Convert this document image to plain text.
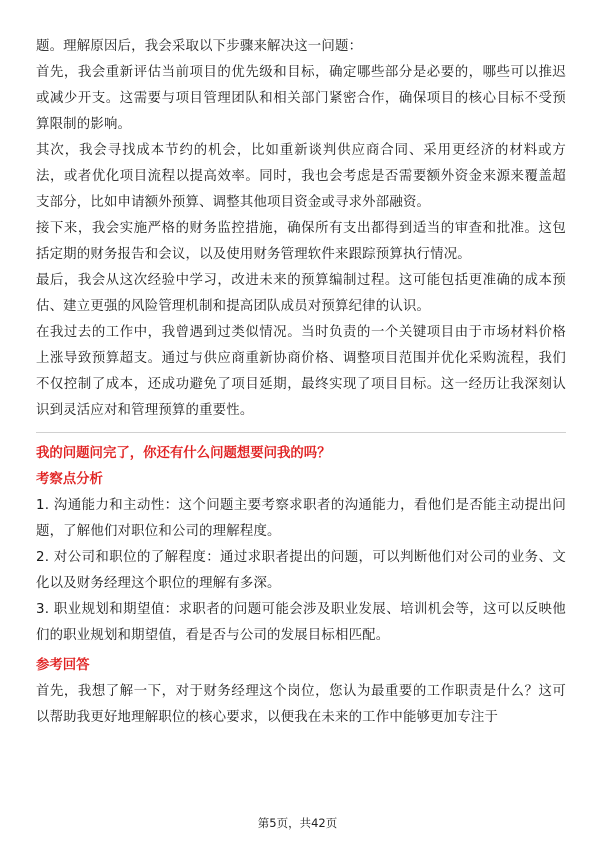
题。理解原因后，我会采取以下步骤来解决这一问题：

首先，我会重新评估当前项目的优先级和目标，确定哪些部分是必要的，哪些可以推迟或减少开支。这需要与项目管理团队和相关部门紧密合作，确保项目的核心目标不受预算限制的影响。

其次，我会寻找成本节约的机会，比如重新谈判供应商合同、采用更经济的材料或方法，或者优化项目流程以提高效率。同时，我也会考虑是否需要额外资金来源来覆盖超支部分，比如申请额外预算、调整其他项目资金或寻求外部融资。

接下来，我会实施严格的财务监控措施，确保所有支出都得到适当的审查和批准。这包括定期的财务报告和会议，以及使用财务管理软件来跟踪预算执行情况。

最后，我会从这次经验中学习，改进未来的预算编制过程。这可能包括更准确的成本预估、建立更强的风险管理机制和提高团队成员对预算纪律的认识。

在我过去的工作中，我曾遇到过类似情况。当时负责的一个关键项目由于市场材料价格上涨导致预算超支。通过与供应商重新协商价格、调整项目范围并优化采购流程，我们不仅控制了成本，还成功避免了项目延期，最终实现了项目目标。这一经历让我深刻认识到灵活应对和管理预算的重要性。

我的问题问完了，你还有什么问题想要问我的吗？

考察点分析

1. 沟通能力和主动性：这个问题主要考察求职者的沟通能力，看他们是否能主动提出问题，了解他们对职位和公司的理解程度。

2. 对公司和职位的了解程度：通过求职者提出的问题，可以判断他们对公司的业务、文化以及财务经理这个职位的理解有多深。

3. 职业规划和期望值：求职者的问题可能会涉及职业发展、培训机会等，这可以反映他们的职业规划和期望值，看是否与公司的发展目标相匹配。

参考回答

首先，我想了解一下，对于财务经理这个岗位，您认为最重要的工作职责是什么？这可以帮助我更好地理解职位的核心要求，以便我在未来的工作中能够更加专注于

第5页，共42页
